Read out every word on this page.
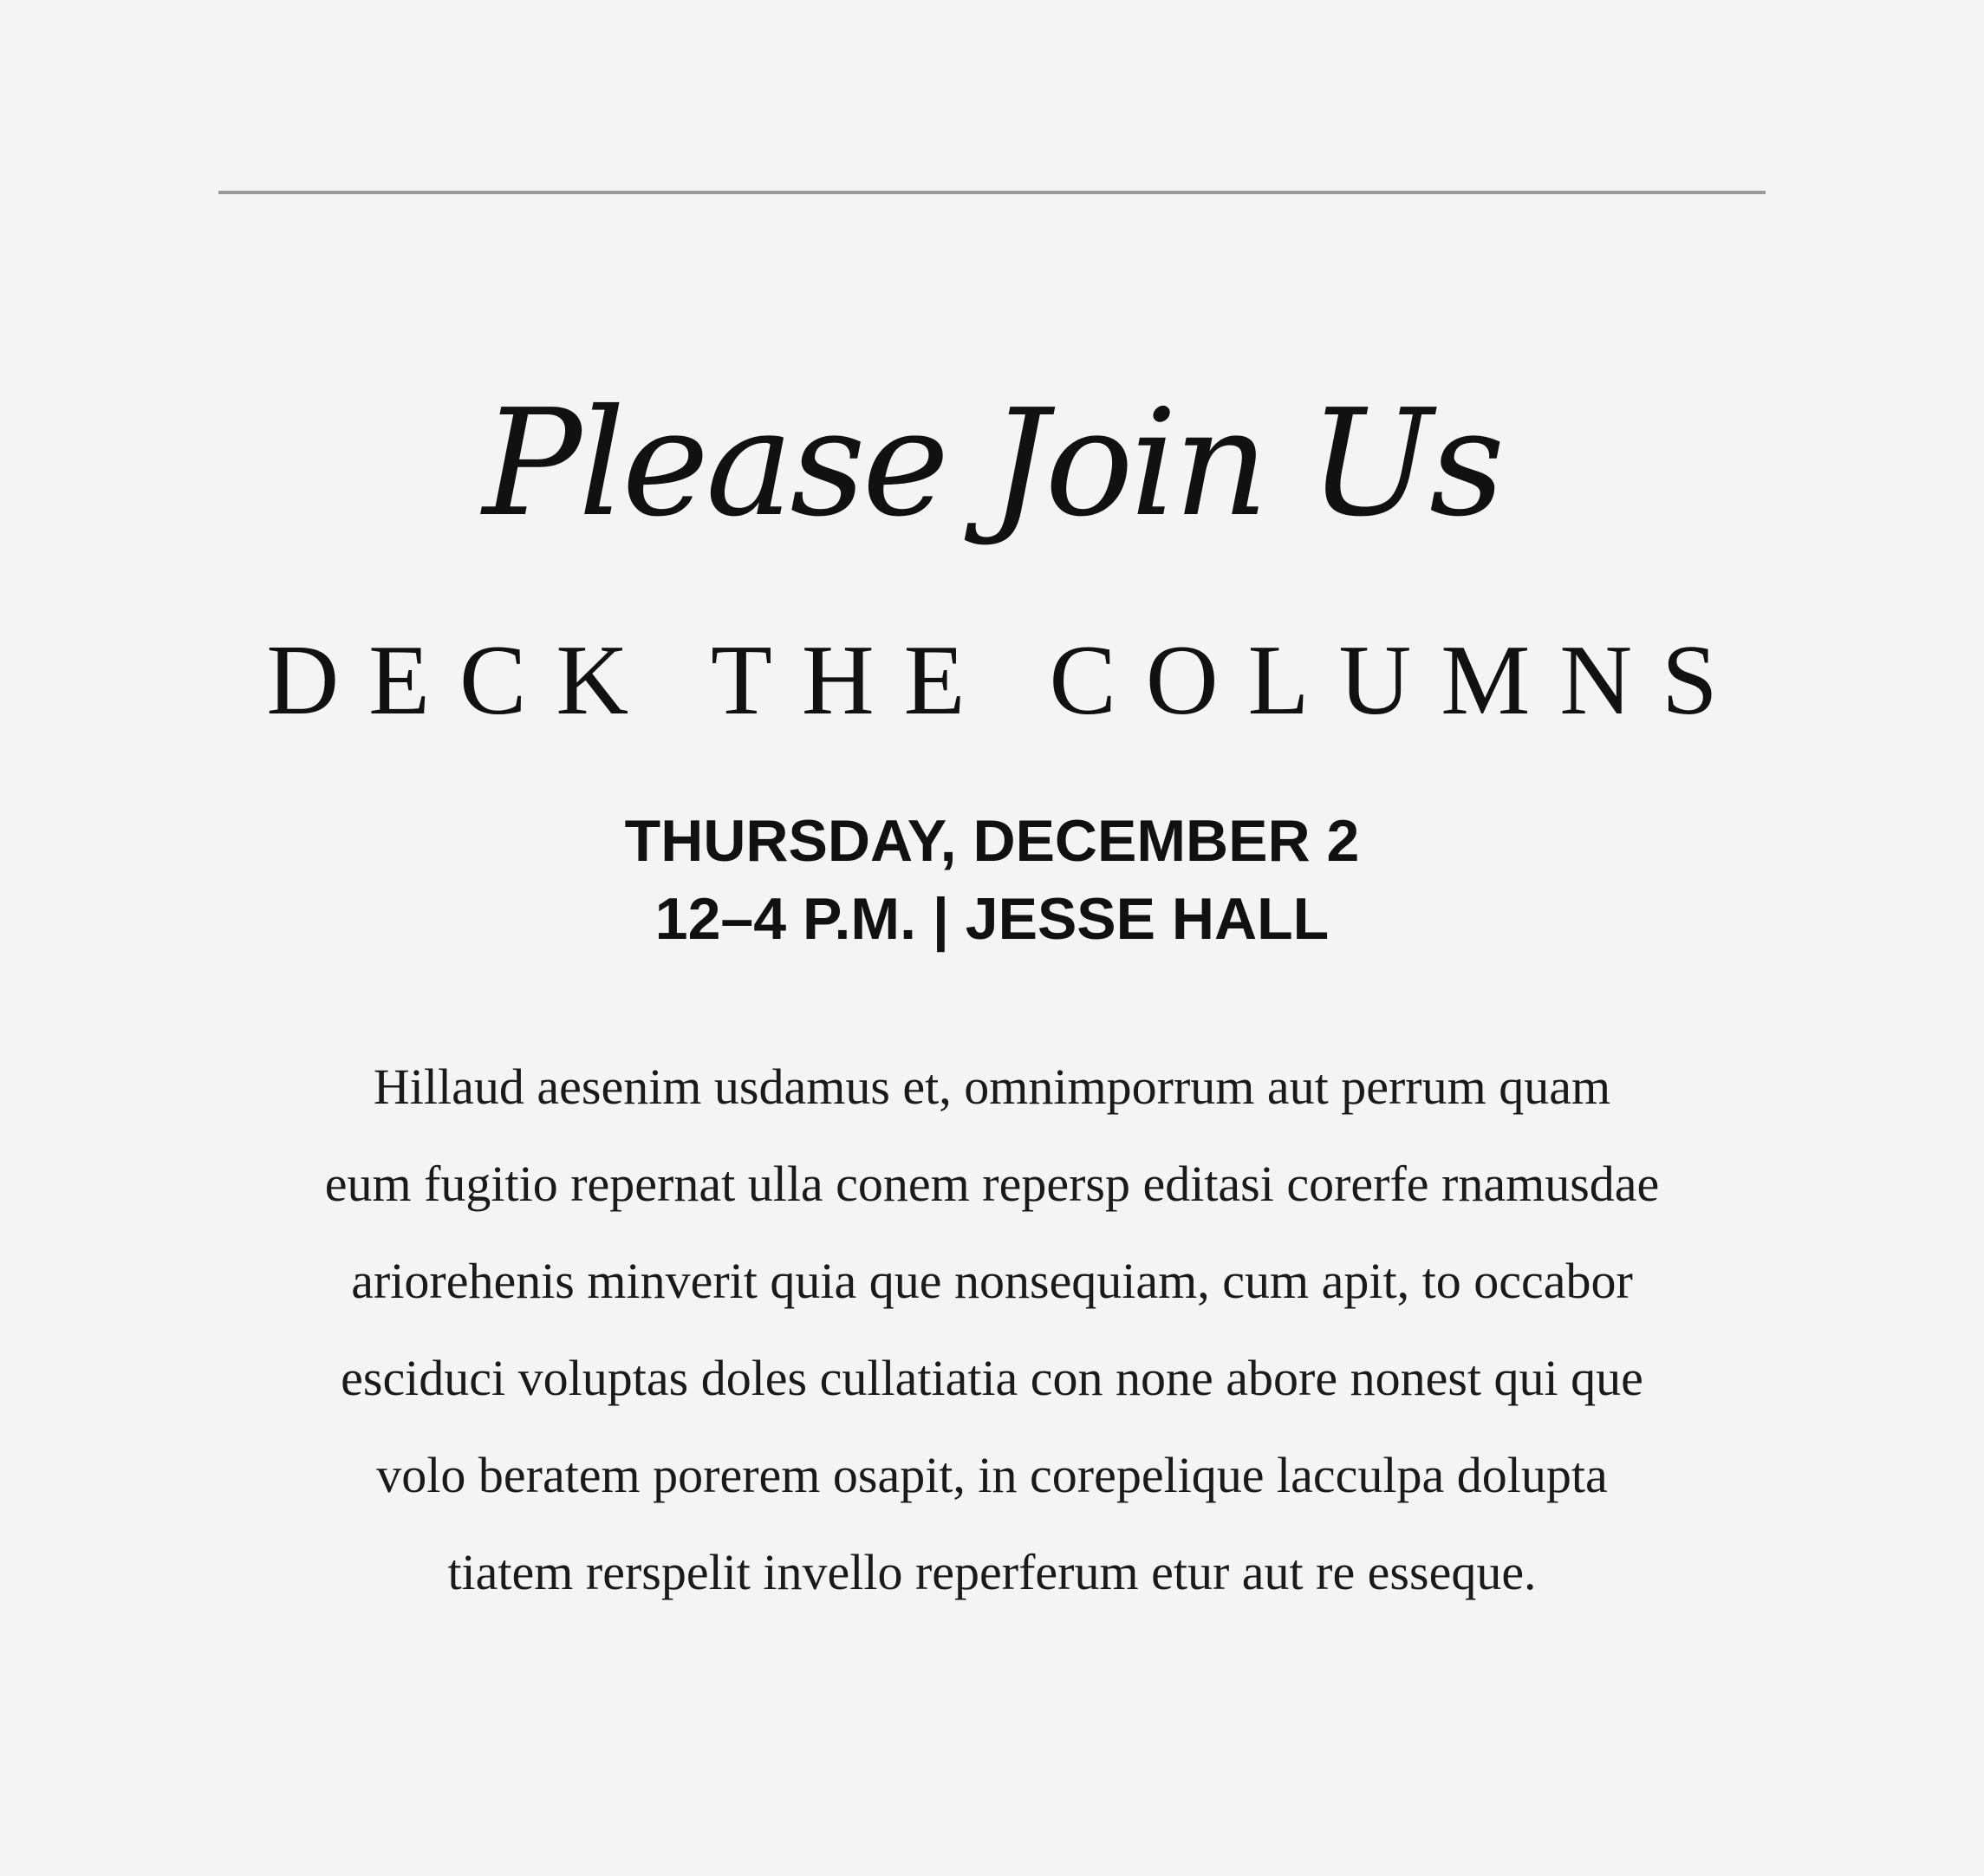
Please Join Us
DECK THE COLUMNS
THURSDAY, DECEMBER 2
12–4 P.M. | JESSE HALL
Hillaud aesenim usdamus et, omnimporrum aut perrum quam
eum fugitio repernat ulla conem repersp editasi corerfe rnamusdae
ariorehenis minverit quia que nonsequiam, cum apit, to occabor
esciduci voluptas doles cullatiatia con none abore nonest qui que
volo beratem porerem osapit, in corepelique lacculpa dolupta
tiatem rerspelit invello reperferum etur aut re esseque.
